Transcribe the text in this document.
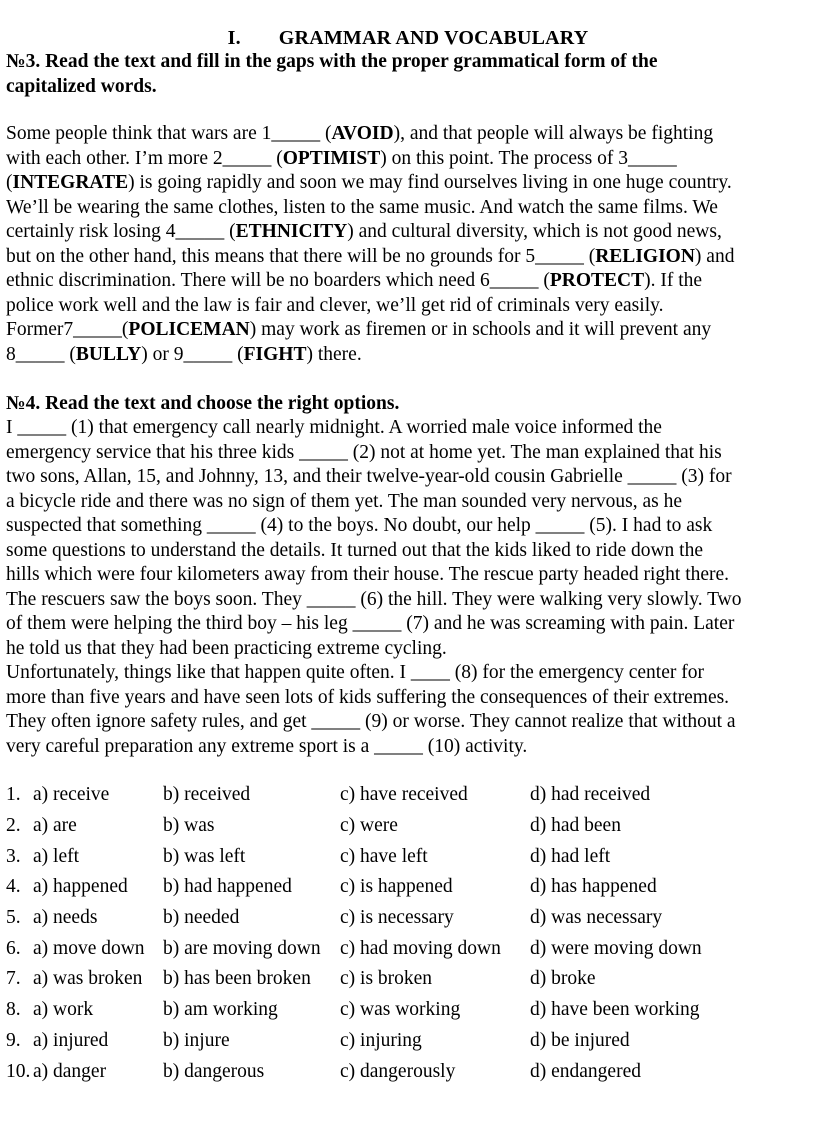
I. GRAMMAR AND VOCABULARY
№3. Read the text and fill in the gaps with the proper grammatical form of the
capitalized words.
Some people think that wars are 1_____ (AVOID), and that people will always be fighting
with each other. I’m more 2_____ (OPTIMIST) on this point. The process of 3_____
(INTEGRATE) is going rapidly and soon we may find ourselves living in one huge country.
We’ll be wearing the same clothes, listen to the same music. And watch the same films. We
certainly risk losing 4_____ (ETHNICITY) and cultural diversity, which is not good news,
but on the other hand, this means that there will be no grounds for 5_____ (RELIGION) and
ethnic discrimination. There will be no boarders which need 6_____ (PROTECT). If the
police work well and the law is fair and clever, we’ll get rid of criminals very easily.
Former7_____(POLICEMAN) may work as firemen or in schools and it will prevent any
8_____ (BULLY) or 9_____ (FIGHT) there.
№4. Read the text and choose the right options.
I _____ (1) that emergency call nearly midnight. A worried male voice informed the
emergency service that his three kids _____ (2) not at home yet. The man explained that his
two sons, Allan, 15, and Johnny, 13, and their twelve-year-old cousin Gabrielle _____ (3) for
a bicycle ride and there was no sign of them yet. The man sounded very nervous, as he
suspected that something _____ (4) to the boys. No doubt, our help _____ (5). I had to ask
some questions to understand the details. It turned out that the kids liked to ride down the
hills which were four kilometers away from their house. The rescue party headed right there.
The rescuers saw the boys soon. They _____ (6) the hill. They were walking very slowly. Two
of them were helping the third boy – his leg _____ (7) and he was screaming with pain. Later
he told us that they had been practicing extreme cycling.
Unfortunately, things like that happen quite often. I ____ (8) for the emergency center for
more than five years and have seen lots of kids suffering the consequences of their extremes.
They often ignore safety rules, and get _____ (9) or worse. They cannot realize that without a
very careful preparation any extreme sport is a _____ (10) activity.
1.	a) receive	b) received	c) have received	d) had received
2.	a) are	b) was	c) were	d) had been
3.	a) left	b) was left	c) have left	d) had left
4.	a) happened	b) had happened	c) is happened	d) has happened
5.	a) needs	b) needed	c) is necessary	d) was necessary
6.	a) move down	b) are moving down	c) had moving down	d) were moving down
7.	a) was broken	b) has been broken	c) is broken	d) broke
8.	a) work	b) am working	c) was working	d) have been working
9.	a) injured	b) injure	c) injuring	d) be injured
10.	a) danger	b) dangerous	c) dangerously	d) endangered
